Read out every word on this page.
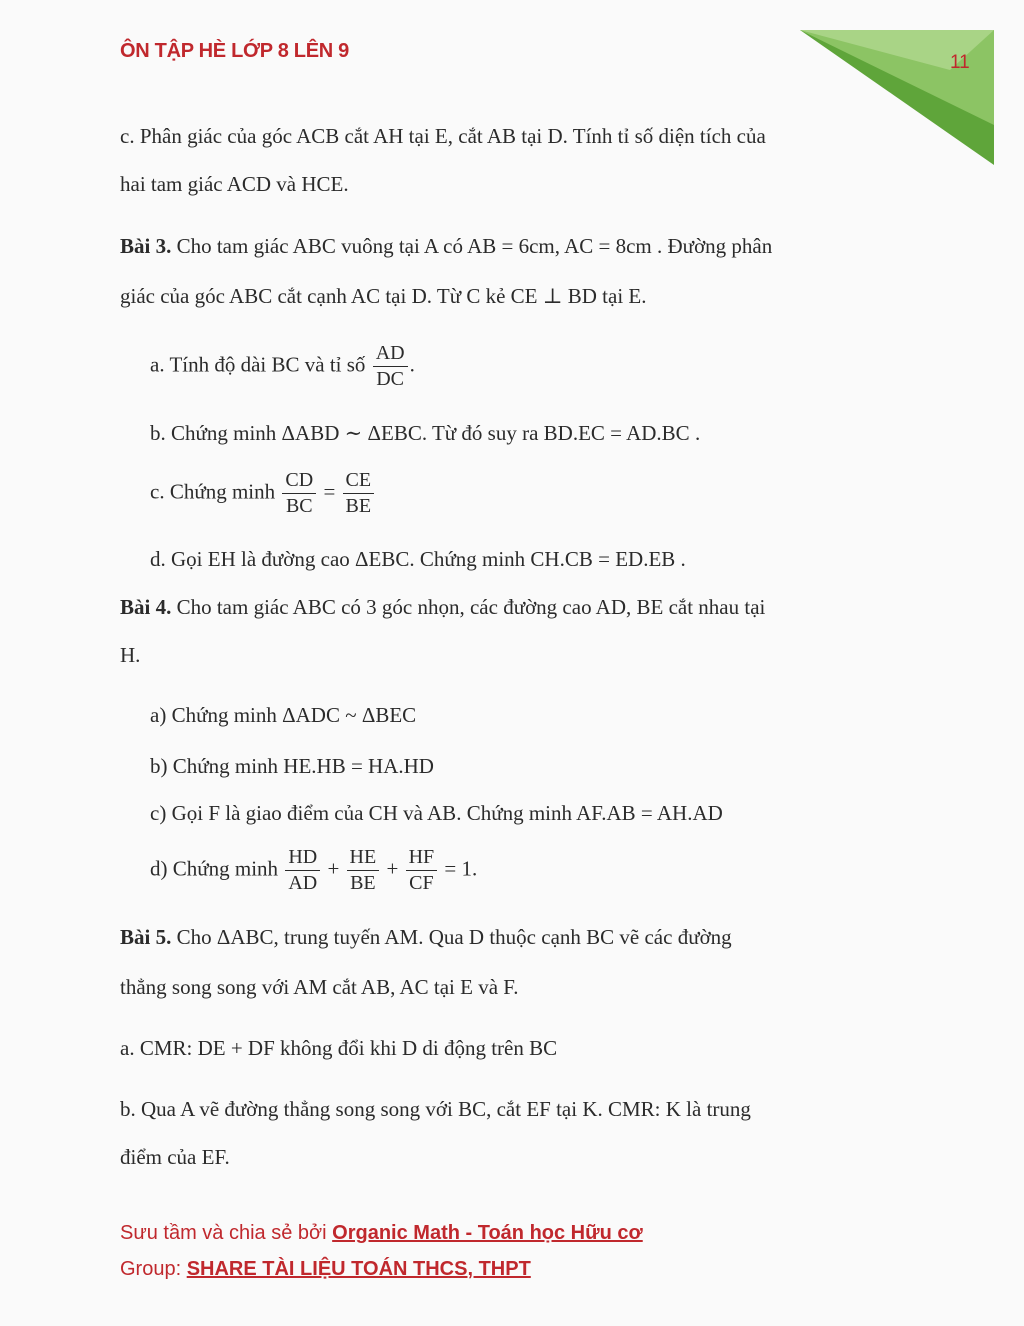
ÔN TẬP HÈ LỚP 8 LÊN 9
11
c. Phân giác của góc ACB cắt AH tại E, cắt AB tại D. Tính tỉ số diện tích của
hai tam giác ACD và HCE.
Bài 3. Cho tam giác ABC vuông tại A có AB = 6cm, AC = 8cm . Đường phân
giác của góc ABC cắt cạnh AC tại D. Từ C kẻ CE ⊥ BD tại E.
a. Tính độ dài BC và tỉ số $\frac{AD}{DC}$ .
b. Chứng minh ΔABD ∼ ΔEBC. Từ đó suy ra BD.EC = AD.BC .
c. Chứng minh $\frac{CD}{BC} = \frac{CE}{BE}$
d. Gọi EH là đường cao ΔEBC. Chứng minh CH.CB = ED.EB .
Bài 4. Cho tam giác ABC có 3 góc nhọn, các đường cao AD, BE cắt nhau tại
H.
a) Chứng minh ΔADC ~ ΔBEC
b) Chứng minh HE.HB = HA.HD
c) Gọi F là giao điểm của CH và AB. Chứng minh AF.AB = AH.AD
d) Chứng minh $\frac{HD}{AD} + \frac{HE}{BE} + \frac{HF}{CF} = 1$.
Bài 5. Cho ΔABC, trung tuyến AM. Qua D thuộc cạnh BC vẽ các đường
thẳng song song với AM cắt AB, AC tại E và F.
a. CMR: DE + DF không đổi khi D di động trên BC
b. Qua A vẽ đường thẳng song song với BC, cắt EF tại K. CMR: K là trung
điểm của EF.
Sưu tầm và chia sẻ bởi Organic Math - Toán học Hữu cơ
Group: SHARE TÀI LIỆU TOÁN THCS, THPT
